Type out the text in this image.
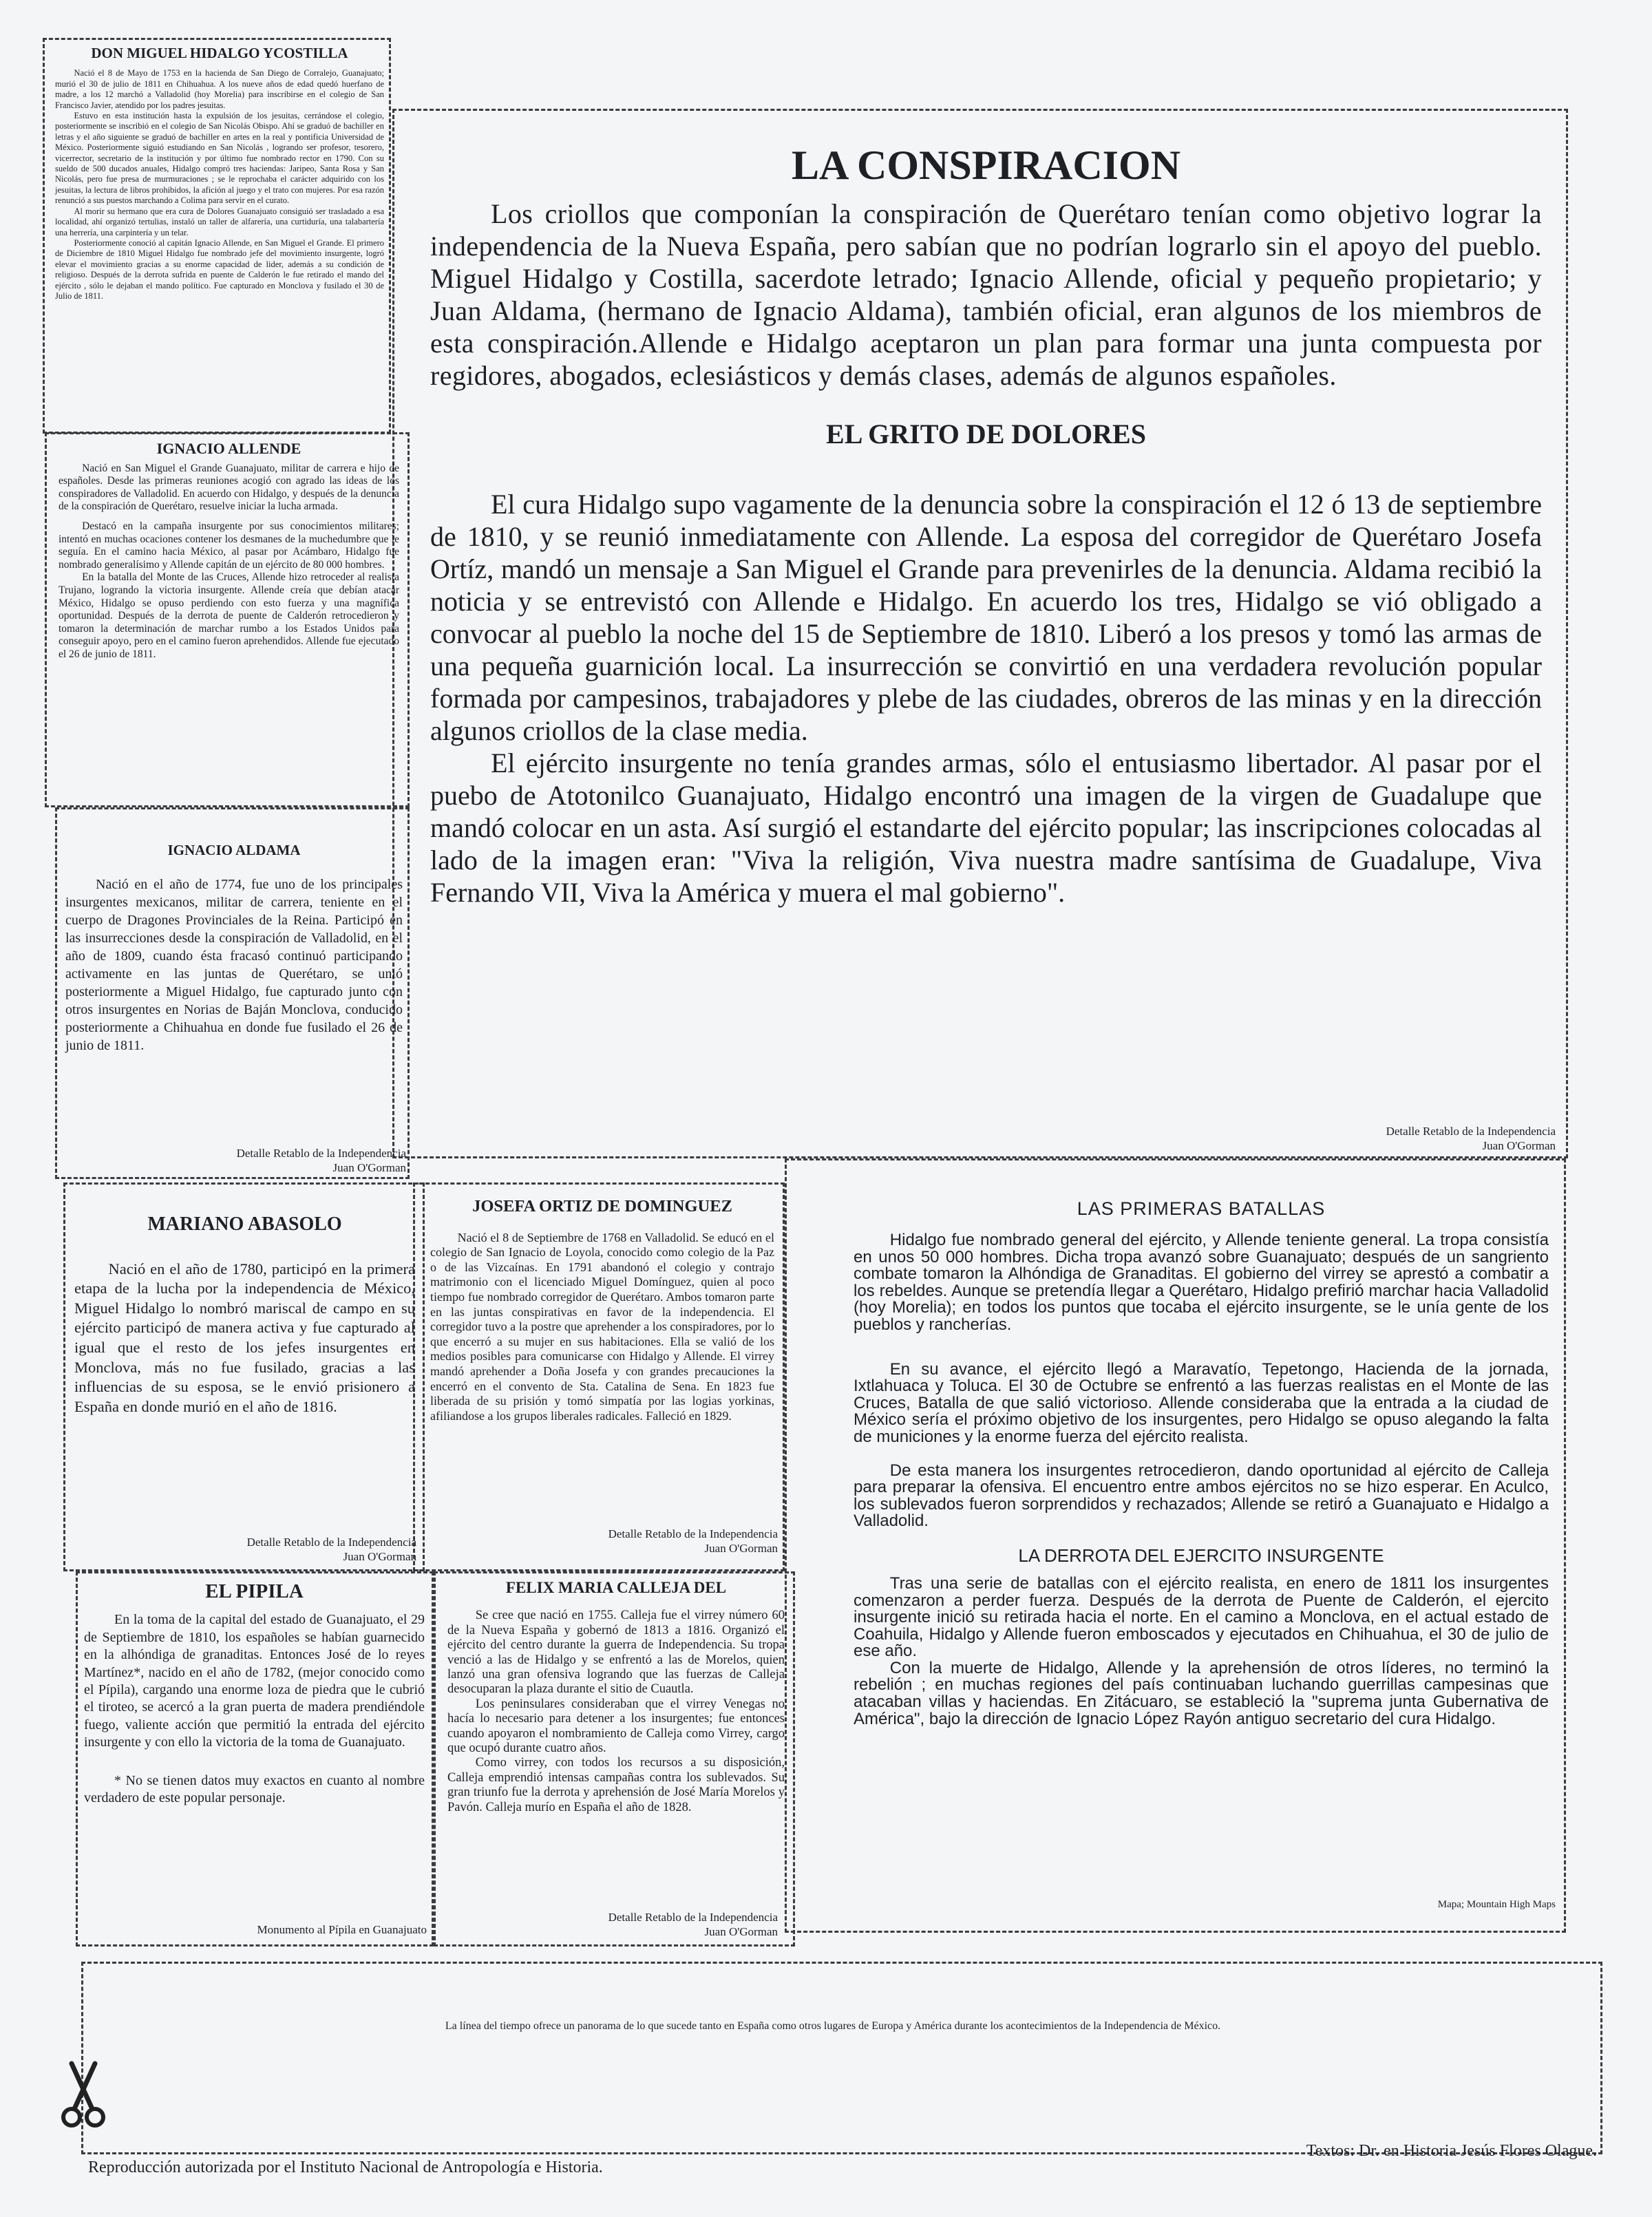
DON MIGUEL HIDALGO YCOSTILLA

Nació el 8 de Mayo de 1753 en la hacienda de San Diego de Corralejo, Guanajuato; murió el 30 de julio de 1811 en Chihuahua. A los nueve años de edad quedó huerfano de madre, a los 12 marchó a Valladolid (hoy Morelia) para inscribirse en el colegio de San Francisco Javier, atendido por los padres jesuitas.

Estuvo en esta institución hasta la expulsión de los jesuitas, cerrándose el colegio, posteriormente se inscribió en el colegio de San Nicolás Obispo. Ahí se graduó de bachiller en letras y el año siguiente se graduó de bachiller en artes en la real y pontificia Universidad de México. Posteriormente siguió estudiando en San Nicolás , logrando ser profesor, tesorero, vicerrector, secretario de la institución y por último fue nombrado rector en 1790. Con su sueldo de 500 ducados anuales, Hidalgo compró tres haciendas: Jaripeo, Santa Rosa y San Nicolás, pero fue presa de murmuraciones ; se le reprochaba el carácter adquirido con los jesuitas, la lectura de libros prohibidos, la afición al juego y el trato con mujeres. Por esa razón renunció a sus puestos marchando a Colima para servir en el curato.

Al morir su hermano que era cura de Dolores Guanajuato consiguió ser trasladado a esa localidad, ahí organizó tertulias, instaló un taller de alfarería, una curtiduría, una talabartería una herrería, una carpintería y un telar.

Posteriormente conoció al capitán Ignacio Allende, en San Miguel el Grande. El primero de Diciembre de 1810 Miguel Hidalgo fue nombrado jefe del movimiento insurgente, logró elevar el movimiento gracias a su enorme capacidad de lider, además a su condición de religioso. Después de la derrota sufrida en puente de Calderón le fue retirado el mando del ejército , sólo le dejaban el mando político. Fue capturado en Monclova y fusilado el 30 de Julio de 1811.

IGNACIO ALLENDE

Nació en San Miguel el Grande Guanajuato, militar de carrera e hijo de españoles. Desde las primeras reuniones acogió con agrado las ideas de los conspiradores de Valladolid. En acuerdo con Hidalgo, y después de la denuncia de la conspiración de Querétaro, resuelve iniciar la lucha armada.

Destacó en la campaña insurgente por sus conocimientos militares; intentó en muchas ocaciones contener los desmanes de la muchedumbre que le seguía. En el camino hacia México, al pasar por Acámbaro, Hidalgo fue nombrado generalísimo y Allende capitán de un ejército de 80 000 hombres.

En la batalla del Monte de las Cruces, Allende hizo retroceder al realista Trujano, logrando la victoria insurgente. Allende creía que debían atacar México, Hidalgo se opuso perdiendo con esto fuerza y una magnífica oportunidad. Después de la derrota de puente de Calderón retrocedieron y tomaron la determinación de marchar rumbo a los Estados Unidos para conseguir apoyo, pero en el camino fueron aprehendidos. Allende fue ejecutado el 26 de junio de 1811.

IGNACIO ALDAMA

Nació en el año de 1774, fue uno de los principales insurgentes mexicanos, militar de carrera, teniente en el cuerpo de Dragones Provinciales de la Reina. Participó en las insurrecciones desde la conspiración de Valladolid, en el año de 1809, cuando ésta fracasó continuó participando activamente en las juntas de Querétaro, se unió posteriormente a Miguel Hidalgo, fue capturado junto con otros insurgentes en Norias de Baján Monclova, conducido posteriormente a Chihuahua en donde fue fusilado el 26 de junio de 1811.

Detalle Retablo de la Independencia
Juan O'Gorman
LA CONSPIRACION

Los criollos que componían la conspiración de Querétaro tenían como objetivo lograr la independencia de la Nueva España, pero sabían que no podrían lograrlo sin el apoyo del pueblo. Miguel Hidalgo y Costilla, sacerdote letrado; Ignacio Allende, oficial y pequeño propietario; y Juan Aldama, (hermano de Ignacio Aldama), también oficial, eran algunos de los miembros de esta conspiración.Allende e Hidalgo aceptaron un plan para formar una junta compuesta por regidores, abogados, eclesiásticos y demás clases, además de algunos españoles.

EL GRITO DE DOLORES

El cura Hidalgo supo vagamente de la denuncia sobre la conspiración el 12 ó 13 de septiembre de 1810, y se reunió inmediatamente con Allende. La esposa del corregidor de Querétaro Josefa Ortíz, mandó un mensaje a San Miguel el Grande para prevenirles de la denuncia. Aldama recibió la noticia y se entrevistó con Allende e Hidalgo. En acuerdo los tres, Hidalgo se vió obligado a convocar al pueblo la noche del 15 de Septiembre de 1810. Liberó a los presos y tomó las armas de una pequeña guarnición local. La insurrección se convirtió en una verdadera revolución popular formada por campesinos, trabajadores y plebe de las ciudades, obreros de las minas y en la dirección algunos criollos de la clase media.

El ejército insurgente no tenía grandes armas, sólo el entusiasmo libertador. Al pasar por el puebo de Atotonilco Guanajuato, Hidalgo encontró una imagen de la virgen de Guadalupe que mandó colocar en un asta. Así surgió el estandarte del ejército popular; las inscripciones colocadas al lado de la imagen eran: "Viva la religión, Viva nuestra madre santísima de Guadalupe, Viva Fernando VII, Viva la América y muera el mal gobierno".

Detalle Retablo de la Independencia
Juan O'Gorman
MARIANO ABASOLO

Nació en el año de 1780, participó en la primera etapa de la lucha por la independencia de México, Miguel Hidalgo lo nombró mariscal de campo en su ejército participó de manera activa y fue capturado al igual que el resto de los jefes insurgentes en Monclova, más no fue fusilado, gracias a las influencias de su esposa, se le envió prisionero a España en donde murió en el año de 1816.

Detalle Retablo de la Independencia
Juan O'Gorman
JOSEFA ORTIZ DE DOMINGUEZ

Nació el 8 de Septiembre de 1768 en Valladolid. Se educó en el colegio de San Ignacio de Loyola, conocido como colegio de la Paz o de las Vizcaínas. En 1791 abandonó el colegio y contrajo matrimonio con el licenciado Miguel Domínguez, quien al poco tiempo fue nombrado corregidor de Querétaro. Ambos tomaron parte en las juntas conspirativas en favor de la independencia. El corregidor tuvo a la postre que aprehender a los conspiradores, por lo que encerró a su mujer en sus habitaciones. Ella se valió de los medios posibles para comunicarse con Hidalgo y Allende. El virrey mandó aprehender a Doña Josefa y con grandes precauciones la encerró en el convento de Sta. Catalina de Sena. En 1823 fue liberada de su prisión y tomó simpatía por las logias yorkinas, afiliandose a los grupos liberales radicales. Falleció en 1829.

Detalle Retablo de la Independencia
Juan O'Gorman
LAS PRIMERAS BATALLAS

Hidalgo fue nombrado general del ejército, y Allende teniente general. La tropa consistía en unos 50 000 hombres. Dicha tropa avanzó sobre Guanajuato; después de un sangriento combate tomaron la Alhóndiga de Granaditas. El gobierno del virrey se aprestó a combatir a los rebeldes. Aunque se pretendía llegar a Querétaro, Hidalgo prefirió marchar hacia Valladolid (hoy Morelia); en todos los puntos que tocaba el ejército insurgente, se le unía gente de los pueblos y rancherías.

En su avance, el ejército llegó a Maravatío, Tepetongo, Hacienda de la jornada, Ixtlahuaca y Toluca. El 30 de Octubre se enfrentó a las fuerzas realistas en el Monte de las Cruces, Batalla de que salió victorioso. Allende consideraba que la entrada a la ciudad de México sería el próximo objetivo de los insurgentes, pero Hidalgo se opuso alegando la falta de municiones y la enorme fuerza del ejército realista.

De esta manera los insurgentes retrocedieron, dando oportunidad al ejército de Calleja para preparar la ofensiva. El encuentro entre ambos ejércitos no se hizo esperar. En Aculco, los sublevados fueron sorprendidos y rechazados; Allende se retiró a Guanajuato e Hidalgo a Valladolid.

LA DERROTA DEL EJERCITO INSURGENTE

Tras una serie de batallas con el ejército realista, en enero de 1811 los insurgentes comenzaron a perder fuerza. Después de la derrota de Puente de Calderón, el ejercito insurgente inició su retirada hacia el norte. En el camino a Monclova, en el actual estado de Coahuila, Hidalgo y Allende fueron emboscados y ejecutados en Chihuahua, el 30 de julio de ese año.

Con la muerte de Hidalgo, Allende y la aprehensión de otros líderes, no terminó la rebelión ; en muchas regiones del país continuaban luchando guerrillas campesinas que atacaban villas y haciendas. En Zitácuaro, se estableció la "suprema junta Gubernativa de América", bajo la dirección de Ignacio López Rayón antiguo secretario del cura Hidalgo.

Mapa; Mountain High Maps
EL PIPILA

En la toma de la capital del estado de Guanajuato, el 29 de Septiembre de 1810, los españoles se habían guarnecido en la alhóndiga de granaditas. Entonces José de lo reyes Martínez*, nacido en el año de 1782, (mejor conocido como el Pípila), cargando una enorme loza de piedra que le cubrió el tiroteo, se acercó a la gran puerta de madera prendiéndole fuego, valiente acción que permitió la entrada del ejército insurgente y con ello la victoria de la toma de Guanajuato.

* No se tienen datos muy exactos en cuanto al nombre verdadero de este popular personaje.

Monumento al Pípila en Guanajuato
FELIX MARIA CALLEJA DEL

Se cree que nació en 1755. Calleja fue el virrey número 60 de la Nueva España y gobernó de 1813 a 1816. Organizó el ejército del centro durante la guerra de Independencia. Su tropa venció a las de Hidalgo y se enfrentó a las de Morelos, quien lanzó una gran ofensiva logrando que las fuerzas de Calleja desocuparan la plaza durante el sitio de Cuautla.

Los peninsulares consideraban que el virrey Venegas no hacía lo necesario para detener a los insurgentes; fue entonces cuando apoyaron el nombramiento de Calleja como Virrey, cargo que ocupó durante cuatro años.

Como virrey, con todos los recursos a su disposición, Calleja emprendió intensas campañas contra los sublevados. Su gran triunfo fue la derrota y aprehensión de José María Morelos y Pavón. Calleja murío en España el año de 1828.

Detalle Retablo de la Independencia
Juan O'Gorman
La línea del tiempo ofrece un panorama de lo que sucede tanto en España como otros lugares de Europa y América durante los acontecimientos de la Independencia de México.
Reproducción autorizada por el Instituto Nacional de Antropología e Historia.
Textos: Dr. en Historia Jesús Flores Olague.
